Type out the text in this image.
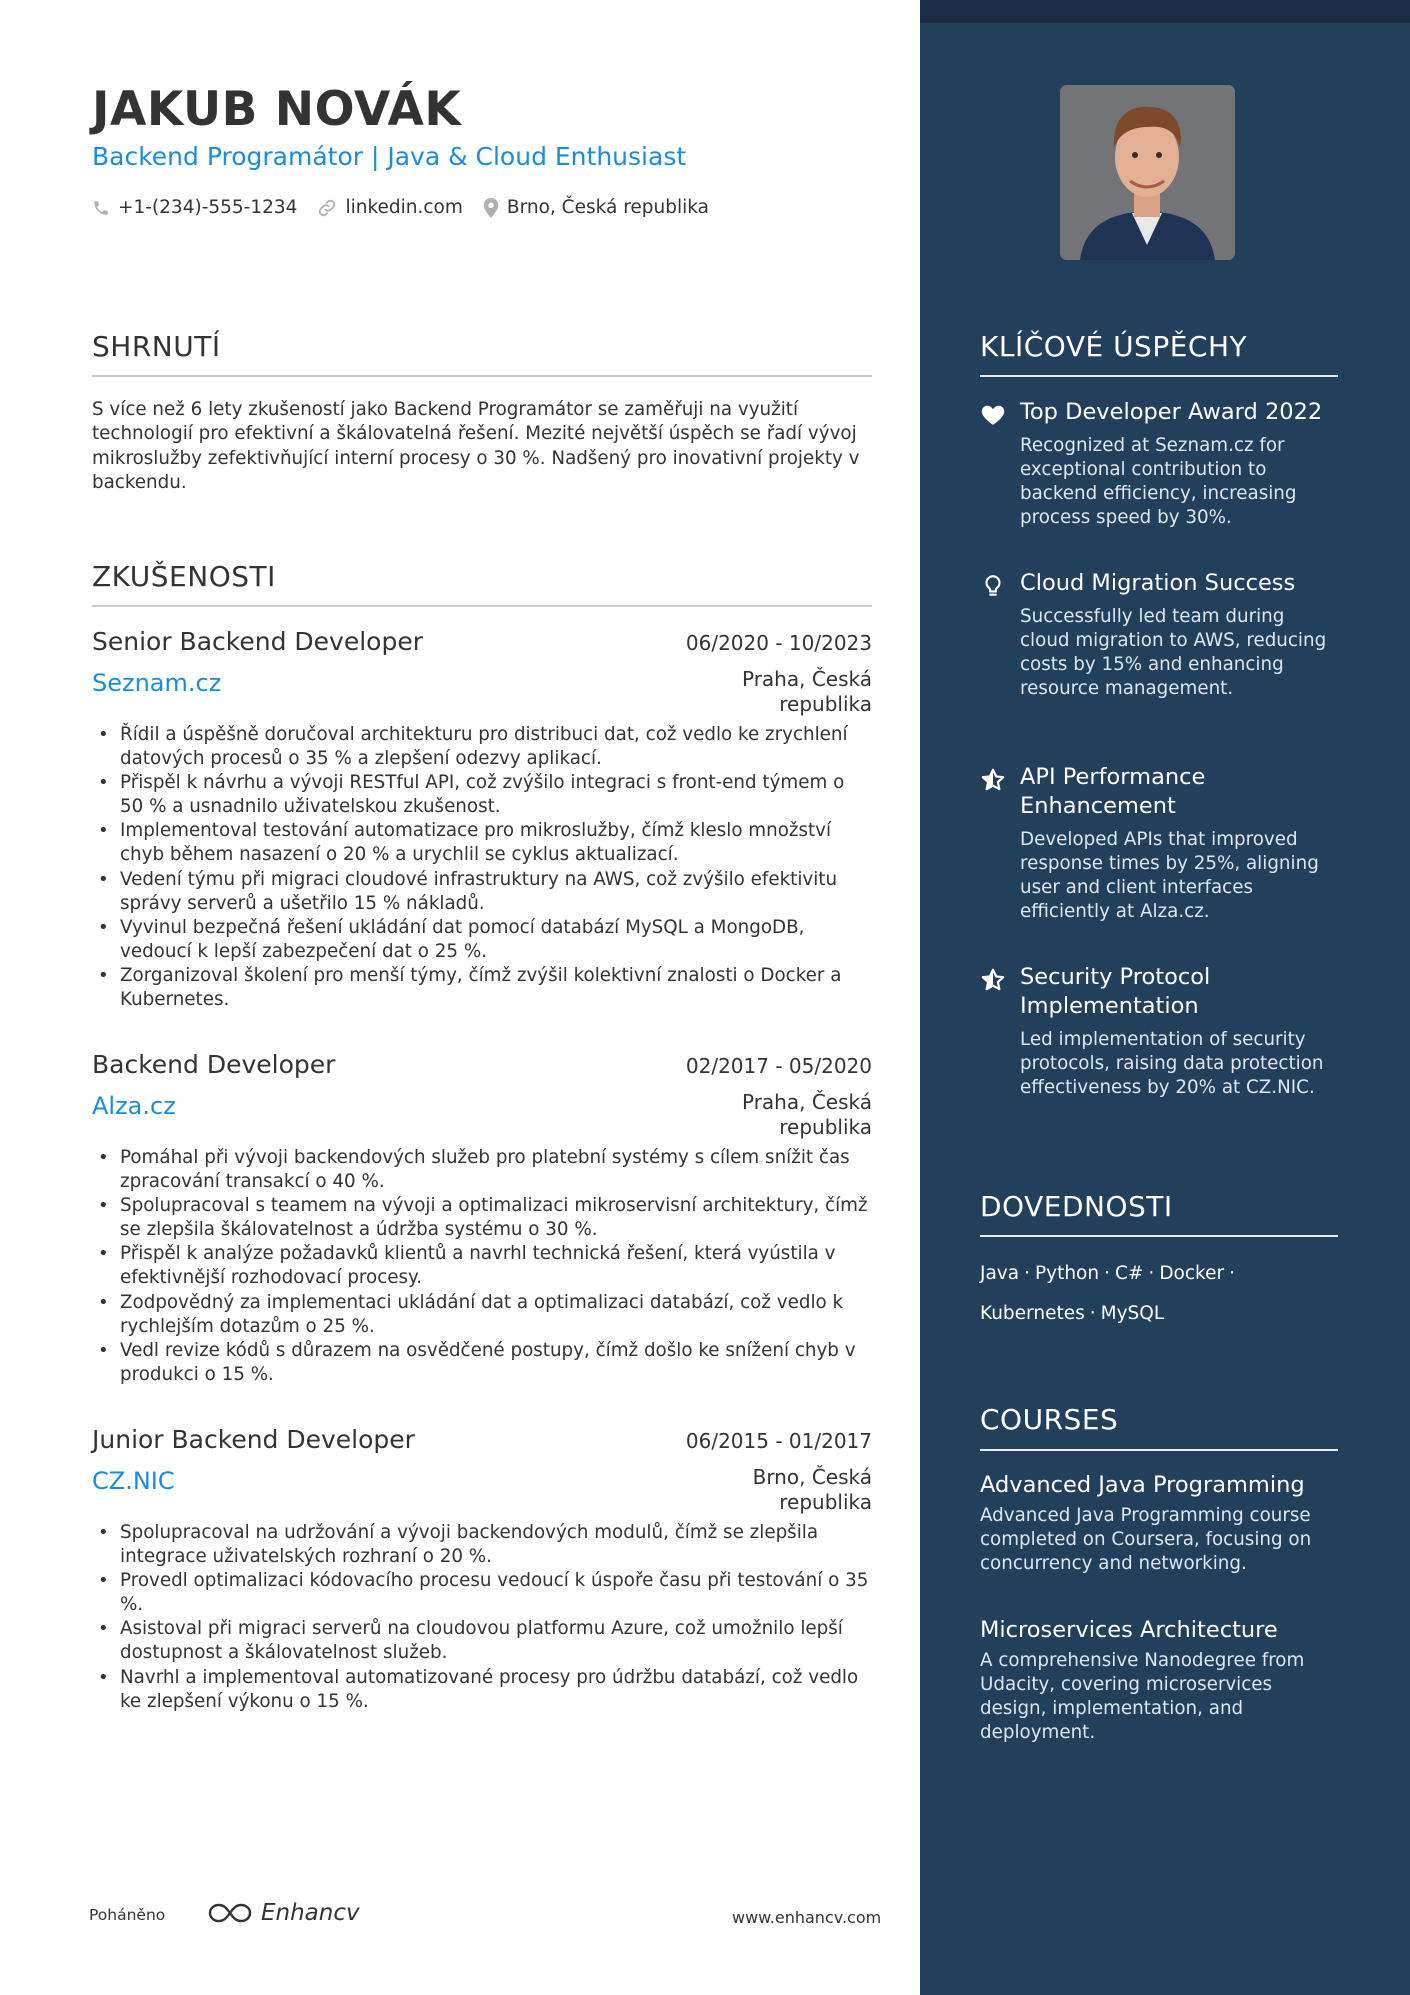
JAKUB NOVÁK
Backend Programátor | Java & Cloud Enthusiast
+1-(234)-555-1234	linkedin.com Brno, Česká republika
SHRNUTÍ
S více než 6 lety zkušeností jako Backend Programátor se zaměřuji na využití technologií pro efektivní a škálovatelná řešení. Mezité největší úspěch se řadí vývoj mikroslužby zefektivňující interní procesy o 30 %. Nadšený pro inovativní projekty v backendu.
ZKUŠENOSTI
Senior Backend Developer	06/2020 - 10/2023
Seznam.cz	Praha, Česká republika
• Řídil a úspěšně doručoval architekturu pro distribuci dat, což vedlo ke zrychlení datových procesů o 35 % a zlepšení odezvy aplikací.
• Přispěl k návrhu a vývoji RESTful API, což zvýšilo integraci s front-end týmem o 50 % a usnadnilo uživatelskou zkušenost.
• Implementoval testování automatizace pro mikroslužby, čímž kleslo množství chyb během nasazení o 20 % a urychlil se cyklus aktualizací.
• Vedení týmu při migraci cloudové infrastruktury na AWS, což zvýšilo efektivitu správy serverů a ušetřilo 15 % nákladů.
• Vyvinul bezpečná řešení ukládání dat pomocí databází MySQL a MongoDB, vedoucí k lepší zabezpečení dat o 25 %.
• Zorganizoval školení pro menší týmy, čímž zvýšil kolektivní znalosti o Docker a Kubernetes.
Backend Developer	02/2017 - 05/2020
Alza.cz	Praha, Česká republika
• Pomáhal při vývoji backendových služeb pro platební systémy s cílem snížit čas zpracování transakcí o 40 %.
• Spolupracoval s teamem na vývoji a optimalizaci mikroservisní architektury, čímž se zlepšila škálovatelnost a údržba systému o 30 %.
• Přispěl k analýze požadavků klientů a navrhl technická řešení, která vyústila v efektivnější rozhodovací procesy.
• Zodpovědný za implementaci ukládání dat a optimalizaci databází, což vedlo k rychlejším dotazům o 25 %.
• Vedl revize kódů s důrazem na osvědčené postupy, čímž došlo ke snížení chyb v produkci o 15 %.
Junior Backend Developer	06/2015 - 01/2017
CZ.NIC	Brno, Česká republika
• Spolupracoval na udržování a vývoji backendových modulů, čímž se zlepšila integrace uživatelských rozhraní o 20 %.
• Provedl optimalizaci kódovacího procesu vedoucí k úspoře času při testování o 35 %.
• Asistoval při migraci serverů na cloudovou platformu Azure, což umožnilo lepší dostupnost a škálovatelnost služeb.
• Navrhl a implementoval automatizované procesy pro údržbu databází, což vedlo ke zlepšení výkonu o 15 %.
Poháněno	Enhancv	www.enhancv.com
KLÍČOVÉ ÚSPĚCHY
Top Developer Award 2022
Recognized at Seznam.cz for exceptional contribution to backend efficiency, increasing process speed by 30%.
Cloud Migration Success
Successfully led team during cloud migration to AWS, reducing costs by 15% and enhancing resource management.
API Performance Enhancement
Developed APIs that improved response times by 25%, aligning user and client interfaces efficiently at Alza.cz.
Security Protocol Implementation
Led implementation of security protocols, raising data protection effectiveness by 20% at CZ.NIC.
DOVEDNOSTI
Java · Python · C# · Docker ·
Kubernetes · MySQL
COURSES
Advanced Java Programming
Advanced Java Programming course completed on Coursera, focusing on concurrency and networking.
Microservices Architecture
A comprehensive Nanodegree from Udacity, covering microservices design, implementation, and deployment.
